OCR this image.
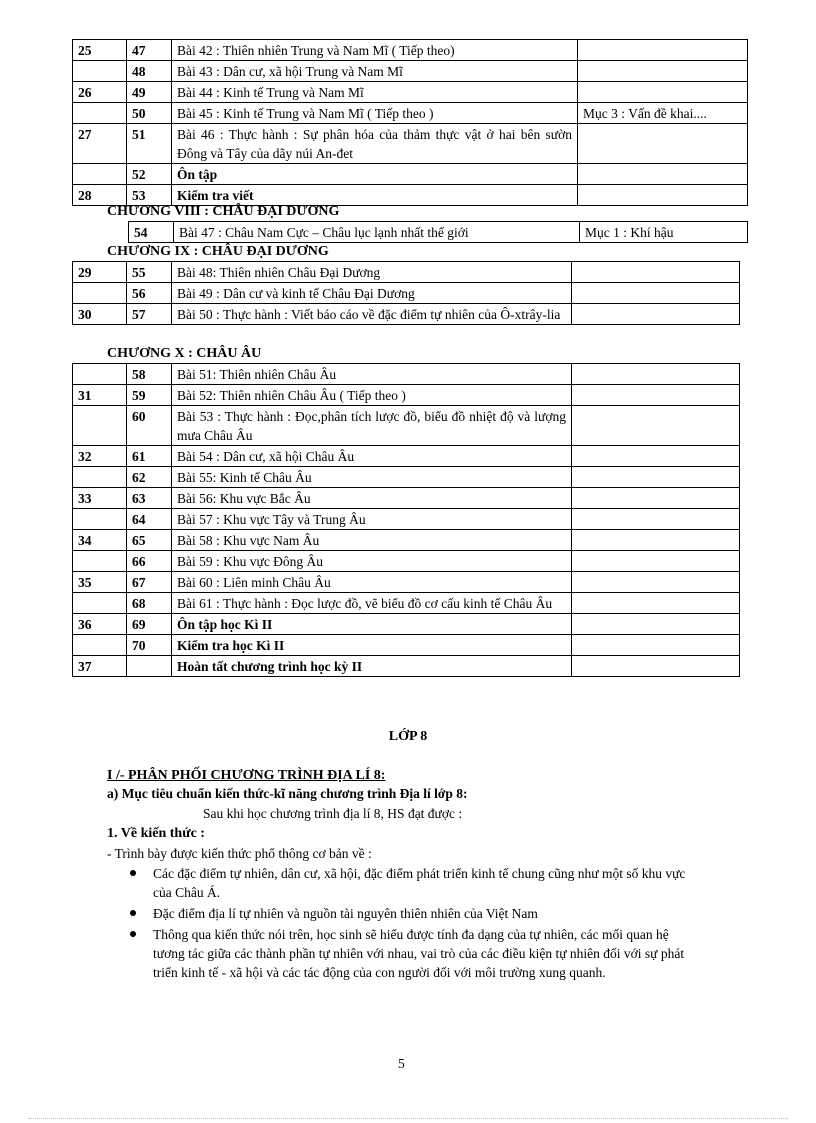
25	47	Bài 42 : Thiên nhiên Trung và Nam Mĩ ( Tiếp theo)	
	48	Bài 43 : Dân cư, xã hội Trung và Nam Mĩ	
26	49	Bài 44 : Kinh tế Trung và Nam Mĩ	
	50	Bài 45 : Kinh tế Trung và Nam Mĩ ( Tiếp theo )	Mục 3 : Vấn đề khai....
27	51	Bài 46 : Thực hành : Sự phân hóa của thảm thực vật ở hai bên sườn Đông và Tây của dãy núi An-đet	
	52	Ôn tập	
28	53	Kiểm tra viết	
CHƯƠNG VIII : CHÂU ĐẠI DƯƠNG
54	Bài 47 : Châu Nam Cực – Châu lục lạnh nhất thế giới	Mục 1 : Khí hậu
CHƯƠNG IX : CHÂU ĐẠI DƯƠNG
29	55	Bài 48: Thiên nhiên Châu Đại Dương	
	56	Bài 49 : Dân cư và kinh tế Châu Đại Dương	
30	57	Bài 50 : Thực hành : Viết báo cáo về đặc điểm tự nhiên của Ô-xtrây-lia	
CHƯƠNG X : CHÂU ÂU
	58	Bài 51: Thiên nhiên Châu Âu	
31	59	Bài 52: Thiên nhiên Châu Âu ( Tiếp theo )	
	60	Bài 53 : Thực hành : Đọc,phân tích lược đồ, biểu đồ nhiệt độ và lượng mưa Châu Âu	
32	61	Bài 54 : Dân cư, xã hội Châu Âu	
	62	Bài 55: Kinh tế Châu Âu	
33	63	Bài 56: Khu vực Bắc Âu	
	64	Bài 57 : Khu vực Tây và Trung Âu	
34	65	Bài 58 : Khu vực Nam Âu	
	66	Bài 59 : Khu vực Đông Âu	
35	67	Bài 60 : Liên minh Châu Âu	
	68	Bài 61 : Thực hành : Đọc lược đồ, vẽ biểu đồ cơ cấu kinh tế Châu Âu	
36	69	Ôn tập học Kì II	
	70	Kiểm tra học Kì II	
37		Hoàn tất chương trình học kỳ II	
LỚP 8
I /- PHÂN PHỐI CHƯƠNG TRÌNH ĐỊA LÍ 8:
a) Mục tiêu chuẩn kiến thức-kĩ năng chương trình Địa lí lớp 8:
Sau khi học chương trình địa lí 8, HS đạt được :
1. Về kiến thức :
- Trình bày được kiến thức phổ thông cơ bản về :
Các đặc điểm tự nhiên, dân cư, xã hội, đặc điểm phát triển kinh tế chung cũng như một số khu vực của Châu Á.
Đặc điểm địa lí tự nhiên và nguồn tài nguyên thiên nhiên của Việt Nam
Thông qua kiến thức nói trên, học sinh sẽ hiểu được tính đa dạng của tự nhiên, các mối quan hệ tương tác giữa các thành phần tự nhiên với nhau, vai trò của các điều kiện tự nhiên đối với sự phát triển kinh tế - xã hội và các tác động của con người đối với môi trường xung quanh.
5
